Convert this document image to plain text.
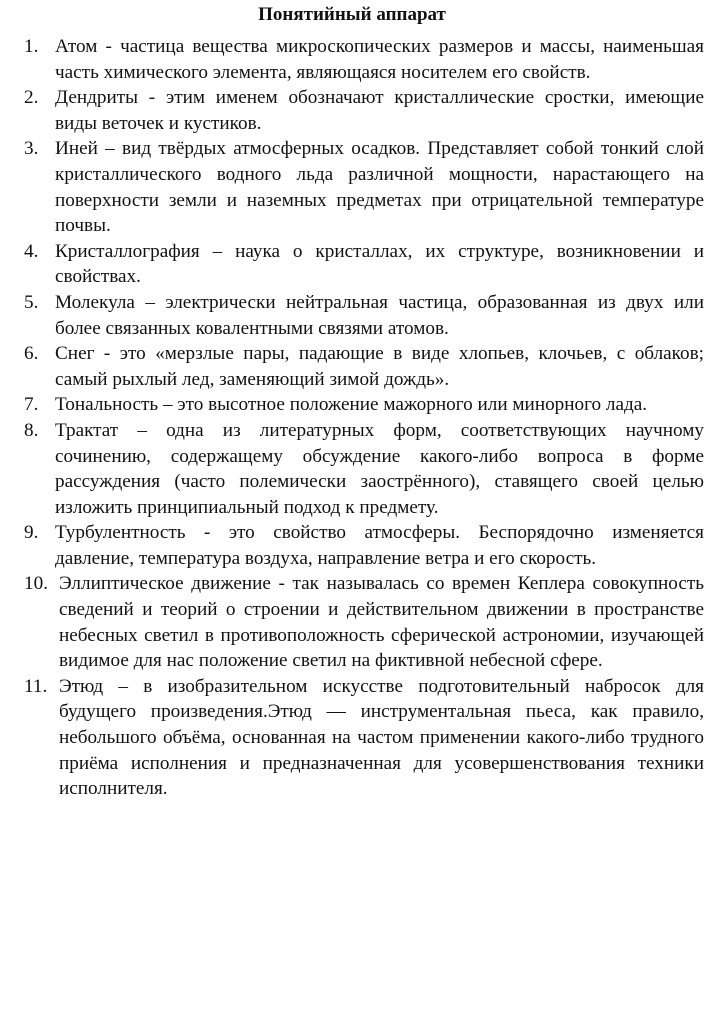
Понятийный аппарат
1. Атом - частица вещества микроскопических размеров и массы, наименьшая часть химического элемента, являющаяся носителем его свойств.
2. Дендриты - этим именем обозначают кристаллические сростки, имеющие виды веточек и кустиков.
3. Иней – вид твёрдых атмосферных осадков. Представляет собой тонкий слой кристаллического водного льда различной мощности, нарастающего на поверхности земли и наземных предметах при отрицательной температуре почвы.
4. Кристаллография – наука о кристаллах, их структуре, возникновении и свойствах.
5. Молекула – электрически нейтральная частица, образованная из двух или более связанных ковалентными связями атомов.
6. Снег - это «мерзлые пары, падающие в виде хлопьев, клочьев, с облаков; самый рыхлый лед, заменяющий зимой дождь».
7. Тональность – это высотное положение мажорного или минорного лада.
8. Трактат – одна из литературных форм, соответствующих научному сочинению, содержащему обсуждение какого-либо вопроса в форме рассуждения (часто полемически заострённого), ставящего своей целью изложить принципиальный подход к предмету.
9. Турбулентность - это свойство атмосферы. Беспорядочно изменяется давление, температура воздуха, направление ветра и его скорость.
10. Эллиптическое движение - так называлась со времен Кеплера совокупность сведений и теорий о строении и действительном движении в пространстве небесных светил в противоположность сферической астрономии, изучающей видимое для нас положение светил на фиктивной небесной сфере.
11. Этюд – в изобразительном искусстве подготовительный набросок для будущего произведения.Этюд — инструментальная пьеса, как правило, небольшого объёма, основанная на частом применении какого-либо трудного приёма исполнения и предназначенная для усовершенствования техники исполнителя.
